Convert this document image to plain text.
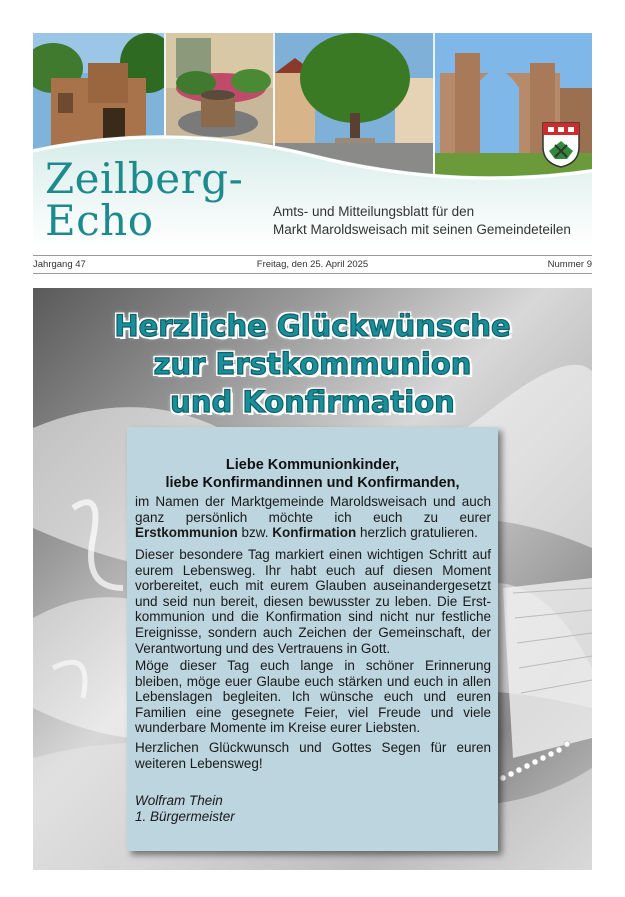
Zeilberg-
Echo	Amts- und Mitteilungsblatt für den
Markt Maroldsweisach mit seinen Gemeindeteilen
Jahrgang 47	Freitag, den 25. April 2025	Nummer 9
Herzliche Glückwünsche
zur Erstkommunion
und Konfirmation
Liebe Kommunionkinder,
liebe Konfirmandinnen und Konfirmanden,

im Namen der Marktgemeinde Maroldsweisach und auch ganz persönlich möchte ich euch zu eurer Erstkommunion bzw. Konfirmation herzlich gratulieren.

Dieser besondere Tag markiert einen wichtigen Schritt auf eurem Lebensweg. Ihr habt euch auf diesen Moment vorbereitet, euch mit eurem Glauben auseinandergesetzt und seid nun bereit, diesen bewusster zu leben. Die Erst-kommunion und die Konfirmation sind nicht nur festliche Ereignisse, sondern auch Zeichen der Gemeinschaft, der Verantwortung und des Vertrauens in Gott.

Möge dieser Tag euch lange in schöner Erinnerung bleiben, möge euer Glaube euch stärken und euch in allen Lebenslagen begleiten. Ich wünsche euch und euren Familien eine gesegnete Feier, viel Freude und viele wunderbare Momente im Kreise eurer Liebsten.

Herzlichen Glückwunsch und Gottes Segen für euren weiteren Lebensweg!

Wolfram Thein
1. Bürgermeister
